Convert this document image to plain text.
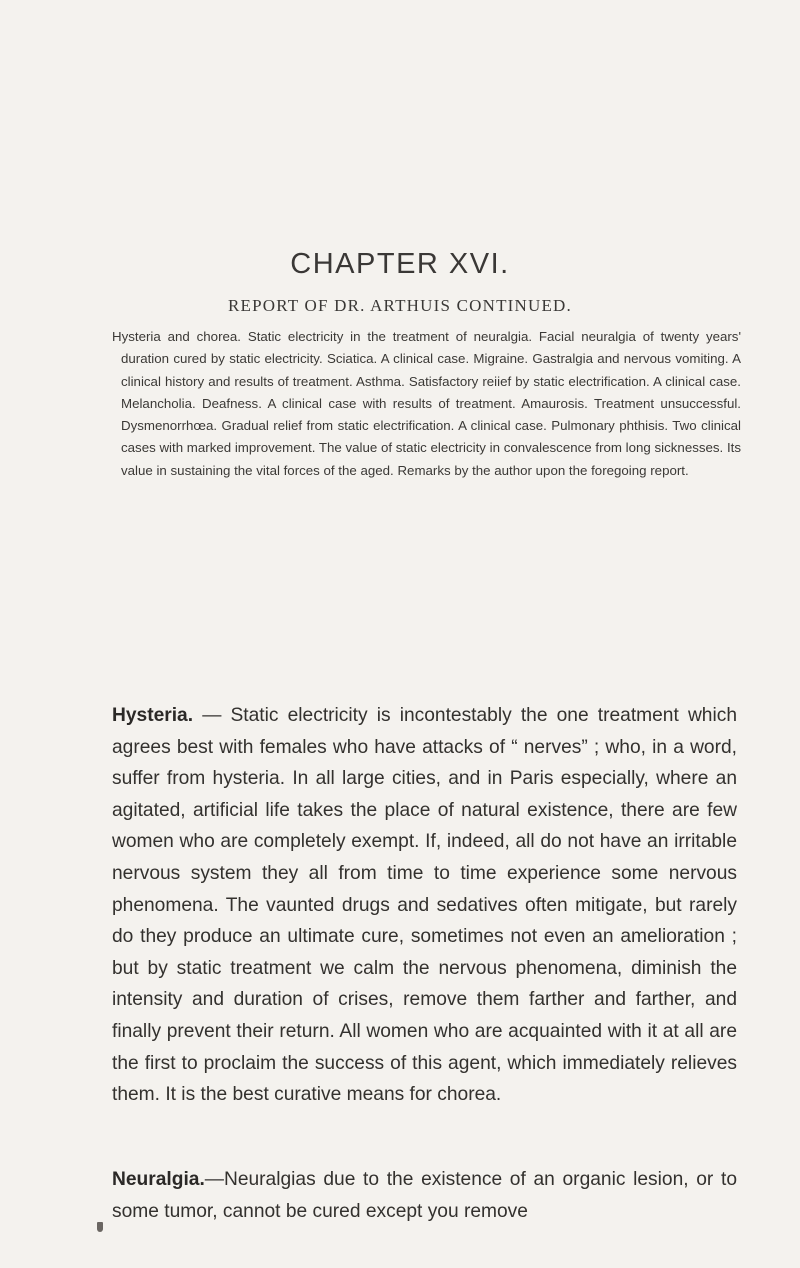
CHAPTER XVI.
REPORT OF DR. ARTHUIS CONTINUED.

Hysteria and chorea. Static electricity in the treatment of neuralgia. Facial neuralgia of twenty years' duration cured by static electricity. Sciatica. A clinical case. Migraine. Gastralgia and nervous vomiting. A clinical history and results of treatment. Asthma. Satisfactory reiief by static electrification. A clinical case. Melancholia. Deafness. A clinical case with results of treatment. Amaurosis. Treatment unsuccessful. Dysmenorrhœa. Gradual relief from static electrification. A clinical case. Pulmonary phthisis. Two clinical cases with marked improvement. The value of static electricity in convalescence from long sicknesses. Its value in sustaining the vital forces of the aged. Remarks by the author upon the foregoing report.

Hysteria. — Static electricity is incontestably the one treatment which agrees best with females who have attacks of “ nerves” ; who, in a word, suffer from hysteria. In all large cities, and in Paris especially, where an agitated, artificial life takes the place of natural existence, there are few women who are completely exempt. If, indeed, all do not have an irritable nervous system they all from time to time experience some nervous phenomena. The vaunted drugs and sedatives often mitigate, but rarely do they produce an ultimate cure, sometimes not even an amelioration ; but by static treatment we calm the nervous phenomena, diminish the intensity and duration of crises, remove them farther and farther, and finally prevent their return. All women who are acquainted with it at all are the first to proclaim the success of this agent, which immediately relieves them. It is the best curative means for chorea.

Neuralgia.—Neuralgias due to the existence of an organic lesion, or to some tumor, cannot be cured except you remove
